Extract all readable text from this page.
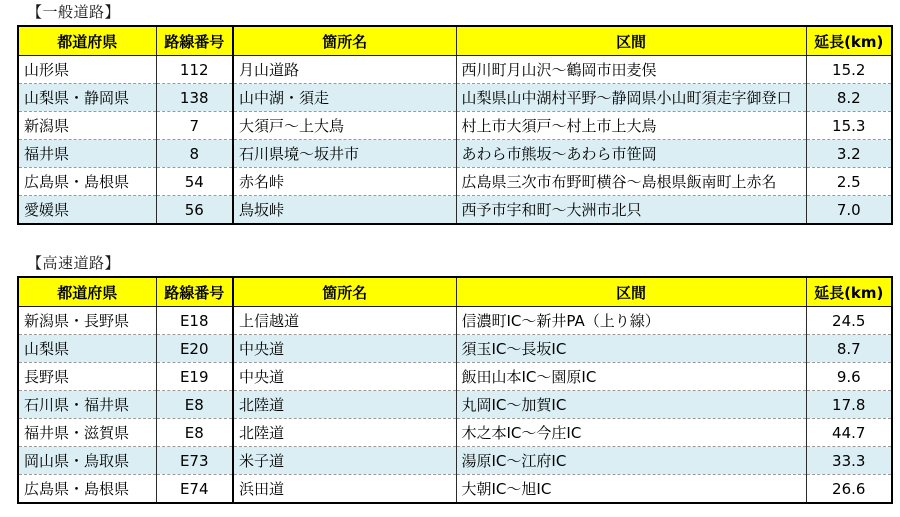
【一般道路】
都道府県	路線番号	箇所名	区間	延長(km)
山形県	112	月山道路	西川町月山沢～鶴岡市田麦俣	15.2
山梨県・静岡県	138	山中湖・須走	山梨県山中湖村平野～静岡県小山町須走字御登口	8.2
新潟県	7	大須戸～上大鳥	村上市大須戸～村上市上大鳥	15.3
福井県	8	石川県境～坂井市	あわら市熊坂～あわら市笹岡	3.2
広島県・島根県	54	赤名峠	広島県三次市布野町横谷～島根県飯南町上赤名	2.5
愛媛県	56	鳥坂峠	西予市宇和町～大洲市北只	7.0
【高速道路】
都道府県	路線番号	箇所名	区間	延長(km)
新潟県・長野県	E18	上信越道	信濃町IC～新井PA（上り線）	24.5
山梨県	E20	中央道	須玉IC～長坂IC	8.7
長野県	E19	中央道	飯田山本IC～園原IC	9.6
石川県・福井県	E8	北陸道	丸岡IC～加賀IC	17.8
福井県・滋賀県	E8	北陸道	木之本IC～今庄IC	44.7
岡山県・鳥取県	E73	米子道	湯原IC～江府IC	33.3
広島県・島根県	E74	浜田道	大朝IC～旭IC	26.6
